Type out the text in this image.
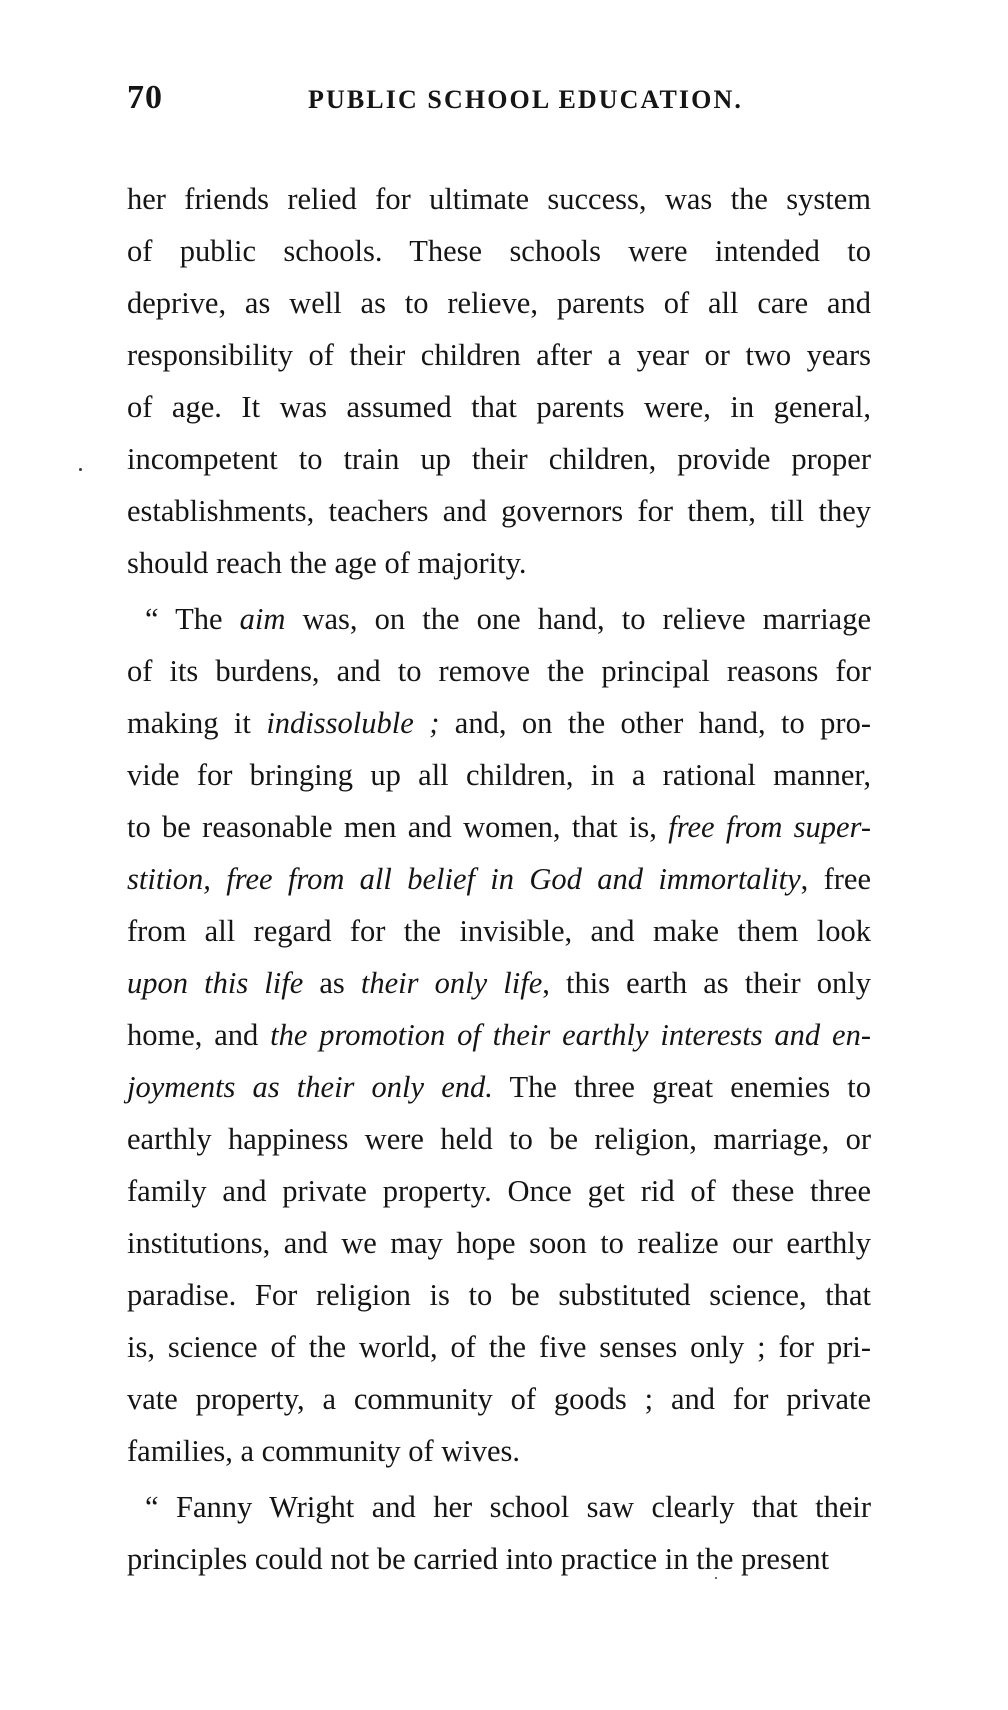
70	PUBLIC SCHOOL EDUCATION.
her friends relied for ultimate success, was the system
of public schools. These schools were intended to
deprive, as well as to relieve, parents of all care and
responsibility of their children after a year or two years
of age. It was assumed that parents were, in general,
incompetent to train up their children, provide proper
establishments, teachers and governors for them, till they
should reach the age of majority.
“ The aim was, on the one hand, to relieve marriage
of its burdens, and to remove the principal reasons for
making it indissoluble ; and, on the other hand, to pro-
vide for bringing up all children, in a rational manner,
to be reasonable men and women, that is, free from super-
stition, free from all belief in God and immortality, free
from all regard for the invisible, and make them look
upon this life as their only life, this earth as their only
home, and the promotion of their earthly interests and en-
joyments as their only end. The three great enemies to
earthly happiness were held to be religion, marriage, or
family and private property. Once get rid of these three
institutions, and we may hope soon to realize our earthly
paradise. For religion is to be substituted science, that
is, science of the world, of the five senses only ; for pri-
vate property, a community of goods ; and for private
families, a community of wives.
“ Fanny Wright and her school saw clearly that their
principles could not be carried into practice in the present
